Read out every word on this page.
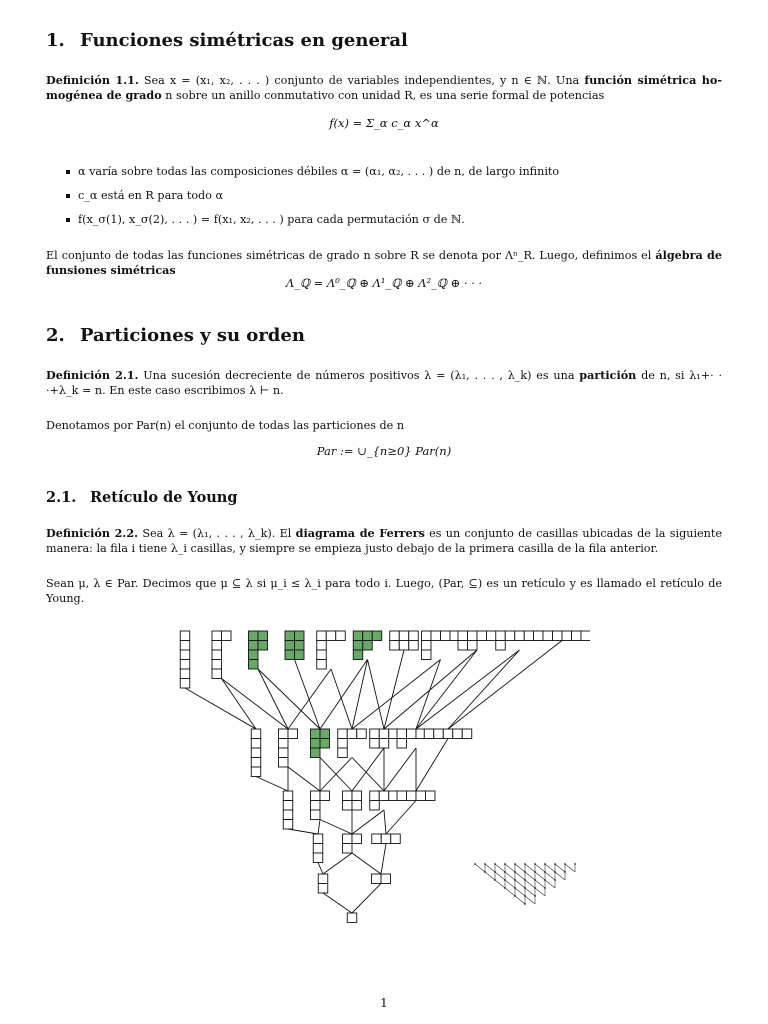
1. Funciones simétricas en general
Definición 1.1. Sea x = (x₁, x₂, . . . ) conjunto de variables independientes, y n ∈ ℕ. Una función simétrica ho-mogénea de grado n sobre un anillo conmutativo con unidad R, es una serie formal de potencias
f(x) = Σ_α c_α x^α
α varía sobre todas las composiciones débiles α = (α₁, α₂, . . . ) de n, de largo infinito
c_α está en R para todo α
f(x_σ(1), x_σ(2), . . . ) = f(x₁, x₂, . . . ) para cada permutación σ de ℕ.
El conjunto de todas las funciones simétricas de grado n sobre R se denota por Λⁿ_R. Luego, definimos el álgebra de funsiones simétricas
Λ_ℚ = Λ⁰_ℚ ⊕ Λ¹_ℚ ⊕ Λ²_ℚ ⊕ · · ·
2. Particiones y su orden
Definición 2.1. Una sucesión decreciente de números positivos λ = (λ₁, . . . , λ_k) es una partición de n, si λ₁+· · ·+λ_k = n. En este caso escribimos λ ⊢ n.
Denotamos por Par(n) el conjunto de todas las particiones de n
Par := ∪_{n≥0} Par(n)
2.1. Retículo de Young
Definición 2.2. Sea λ = (λ₁, . . . , λ_k). El diagrama de Ferrers es un conjunto de casillas ubicadas de la siguiente manera: la fila i tiene λ_i casillas, y siempre se empieza justo debajo de la primera casilla de la fila anterior.
Sean μ, λ ∈ Par. Decimos que μ ⊆ λ si μ_i ≤ λ_i para todo i. Luego, (Par, ⊆) es un retículo y es llamado el retículo de Young.
1
